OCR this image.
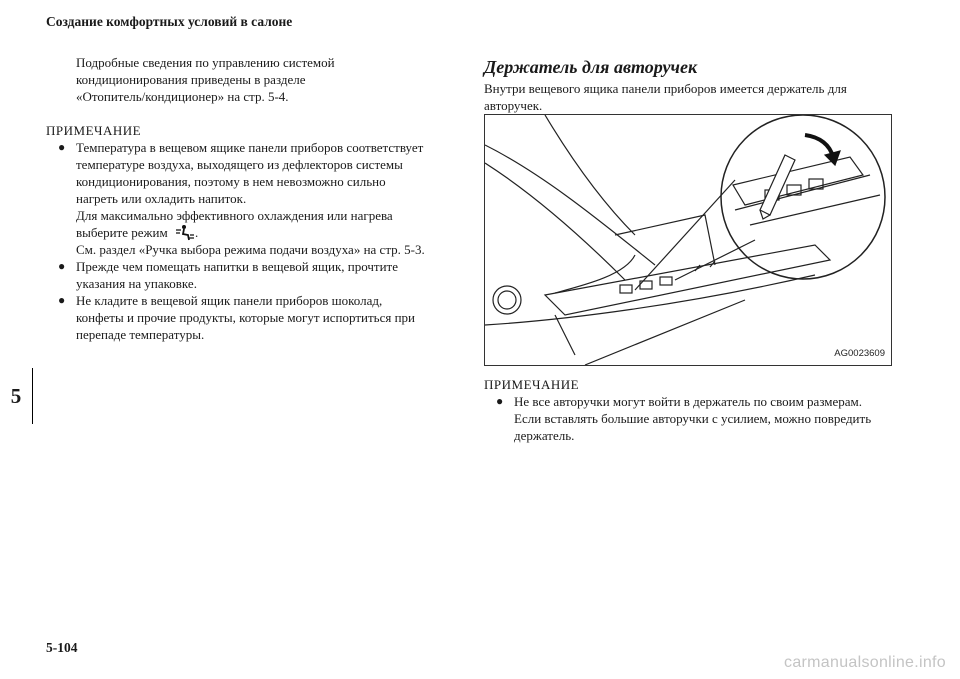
Создание комфортных условий в салоне
5
Подробные сведения по управлению системой
кондиционирования приведены в разделе
«Отопитель/кондиционер» на стр. 5-4.
ПРИМЕЧАНИЕ
● Температура в вещевом ящике панели приборов соответствует
температуре воздуха, выходящего из дефлекторов системы
кондиционирования, поэтому в нем невозможно сильно
нагреть или охладить напиток.
Для максимально эффективного охлаждения или нагрева
выберите режим .
См. раздел «Ручка выбора режима подачи воздуха» на стр. 5-3.
● Прежде чем помещать напитки в вещевой ящик, прочтите
указания на упаковке.
● Не кладите в вещевой ящик панели приборов шоколад,
конфеты и прочие продукты, которые могут испортиться при
перепаде температуры.
Держатель для авторучек
Внутри вещевого ящика панели приборов имеется держатель для
авторучек.
AG0023609
ПРИМЕЧАНИЕ
● Не все авторучки могут войти в держатель по своим размерам.
Если вставлять большие авторучки с усилием, можно повредить
держатель.
5-104
carmanualsonline.info
